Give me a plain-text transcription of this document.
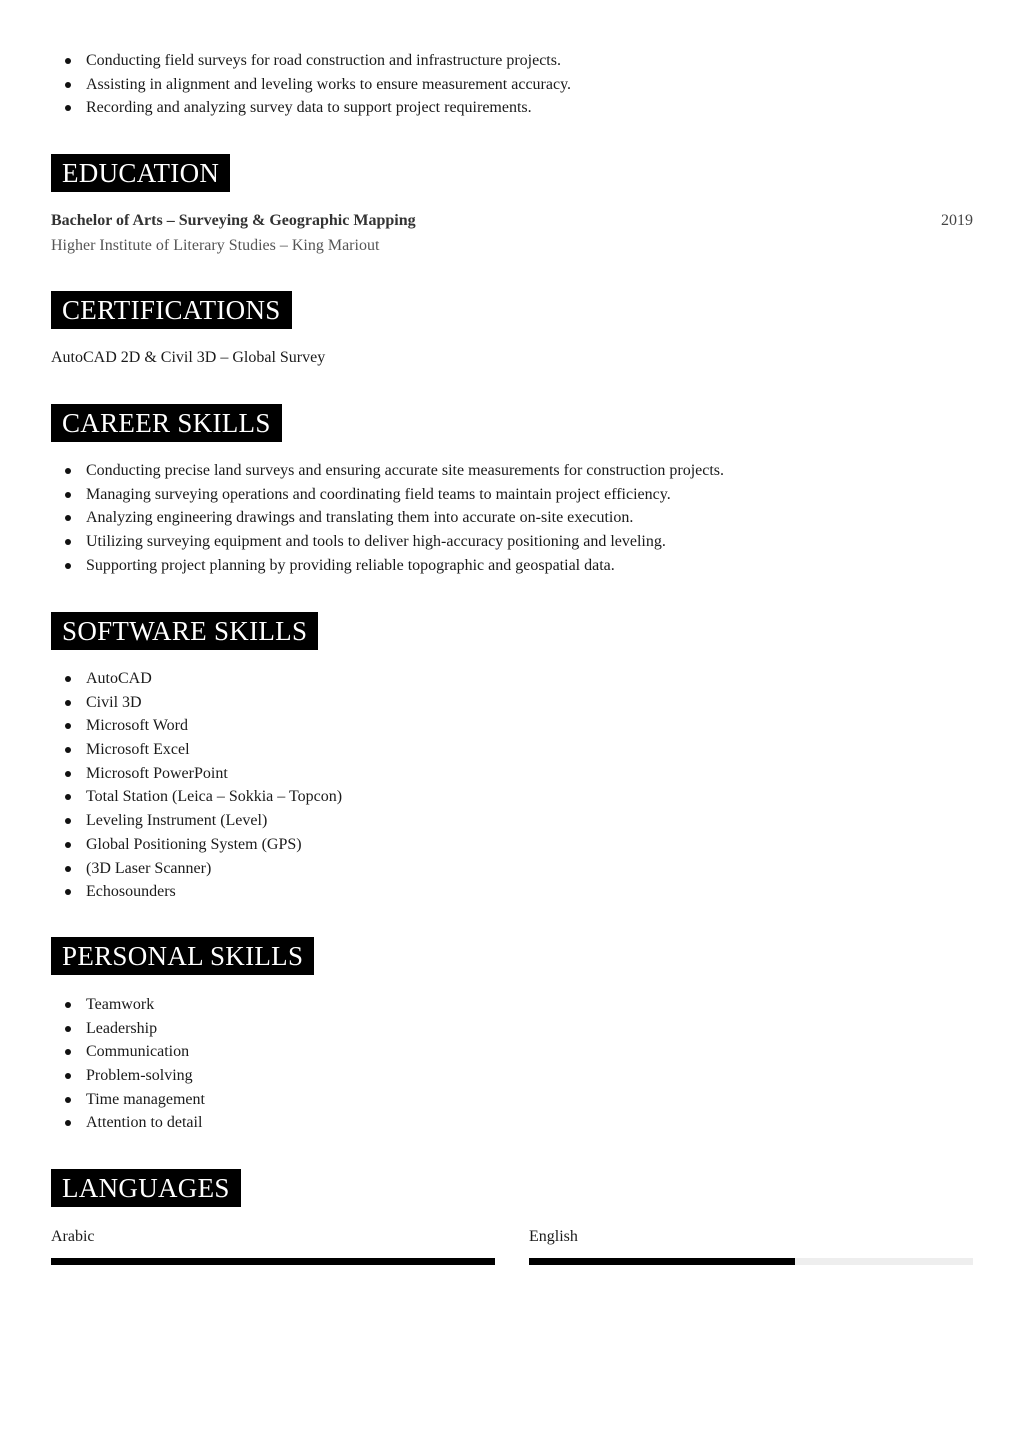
Conducting field surveys for road construction and infrastructure projects.
Assisting in alignment and leveling works to ensure measurement accuracy.
Recording and analyzing survey data to support project requirements.
EDUCATION
Bachelor of Arts – Surveying & Geographic Mapping	2019
Higher Institute of Literary Studies – King Mariout
CERTIFICATIONS
AutoCAD 2D & Civil 3D – Global Survey
CAREER SKILLS
Conducting precise land surveys and ensuring accurate site measurements for construction projects.
Managing surveying operations and coordinating field teams to maintain project efficiency.
Analyzing engineering drawings and translating them into accurate on-site execution.
Utilizing surveying equipment and tools to deliver high-accuracy positioning and leveling.
Supporting project planning by providing reliable topographic and geospatial data.
SOFTWARE SKILLS
AutoCAD
Civil 3D
Microsoft Word
Microsoft Excel
Microsoft PowerPoint
Total Station (Leica – Sokkia – Topcon)
Leveling Instrument (Level)
Global Positioning System (GPS)
(3D Laser Scanner)
Echosounders
PERSONAL SKILLS
Teamwork
Leadership
Communication
Problem-solving
Time management
Attention to detail
LANGUAGES
Arabic	English
